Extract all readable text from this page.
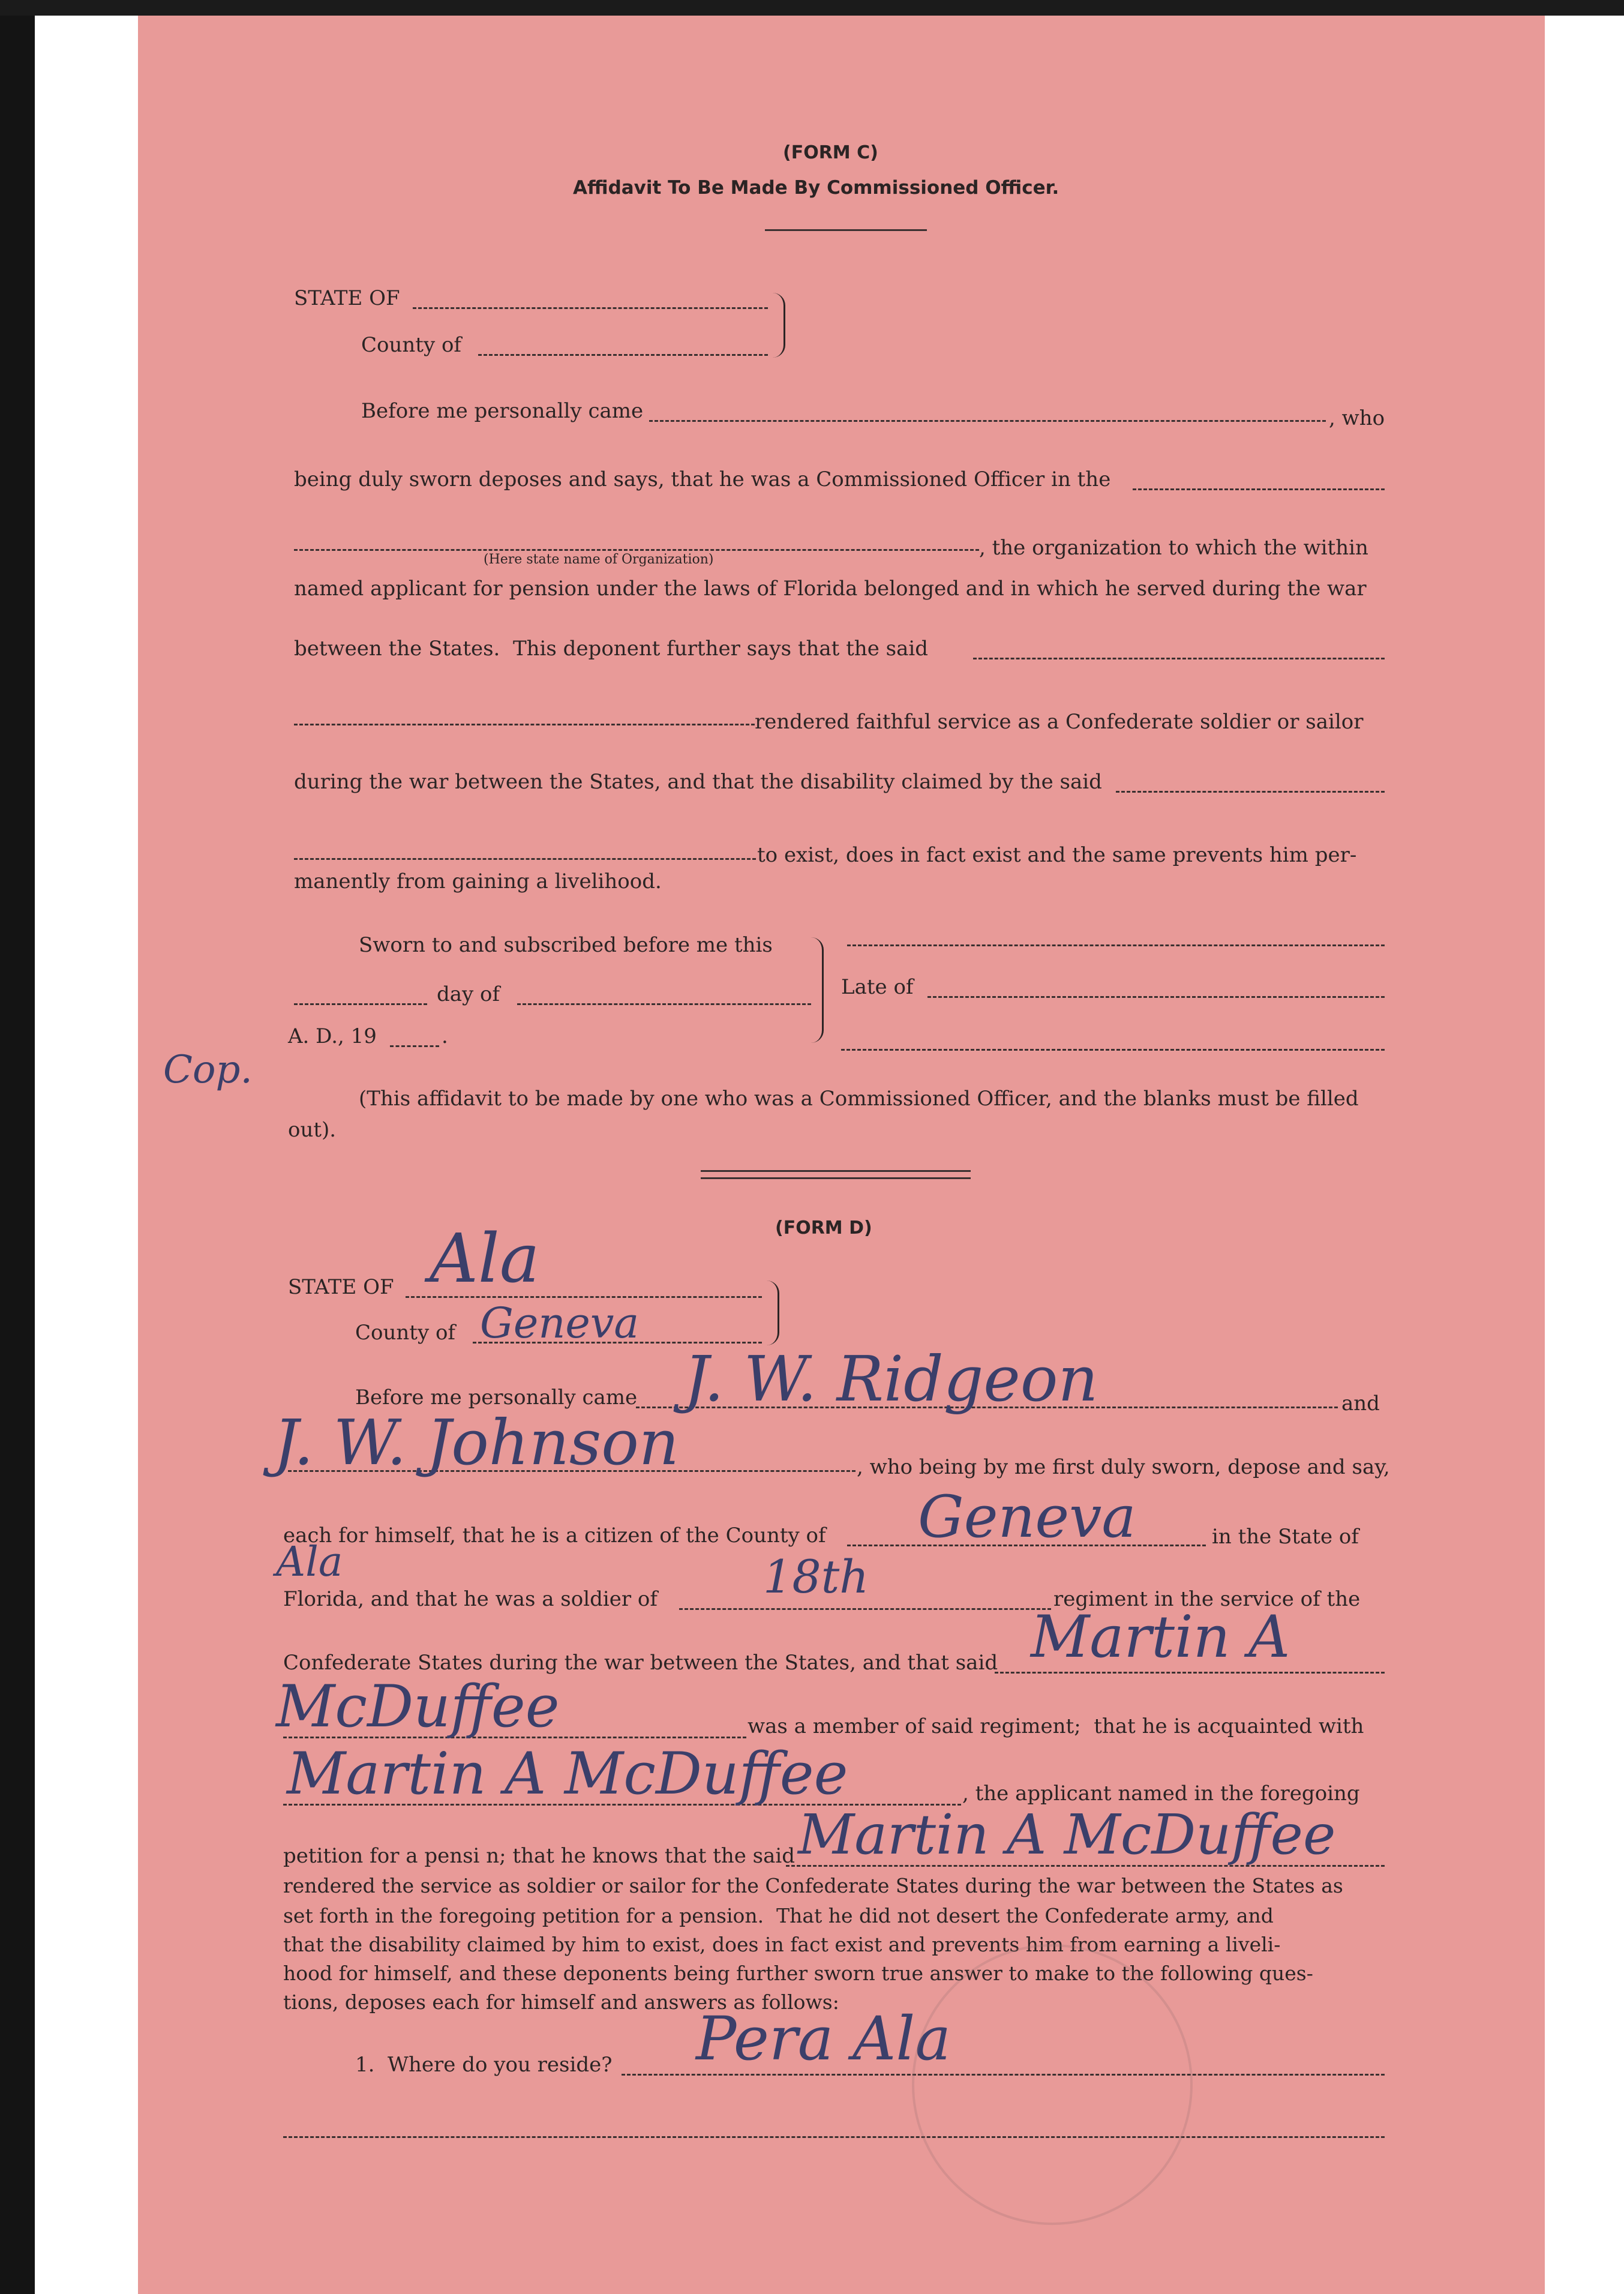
(FORM C)
Affidavit To Be Made By Commissioned Officer.
STATE OF
County of
Before me personally came	, who
being duly sworn deposes and says, that he was a Commissioned Officer in the
, the organization to which the within
(Here state name of Organization)
named applicant for pension under the laws of Florida belonged and in which he served during the war
between the States.  This deponent further says that the said
rendered faithful service as a Confederate soldier or sailor
during the war between the States, and that the disability claimed by the said
to exist, does in fact exist and the same prevents him per-
manently from gaining a livelihood.
Sworn to and subscribed before me this
day of	Late of
A. D., 19	.
Cop.
(This affidavit to be made by one who was a Commissioned Officer, and the blanks must be filled
out).
(FORM D)
STATE OF Ala
County of Geneva
Before me personally came J. W. Ridgeon	and
J. W. Johnson	, who being by me first duly sworn, depose and say,
each for himself, that he is a citizen of the County of Geneva	in the State of
Ala
Florida, and that he was a soldier of 18th	regiment in the service of the
Confederate States during the war between the States, and that said Martin A
McDuffee	was a member of said regiment;  that he is acquainted with
Martin A McDuffee	, the applicant named in the foregoing
petition for a pensi n; that he knows that the said Martin A McDuffee
rendered the service as soldier or sailor for the Confederate States during the war between the States as
set forth in the foregoing petition for a pension.  That he did not desert the Confederate army, and
that the disability claimed by him to exist, does in fact exist and prevents him from earning a liveli-
hood for himself, and these deponents being further sworn true answer to make to the following ques-
tions, deposes each for himself and answers as follows:
1.  Where do you reside? Pera Ala
